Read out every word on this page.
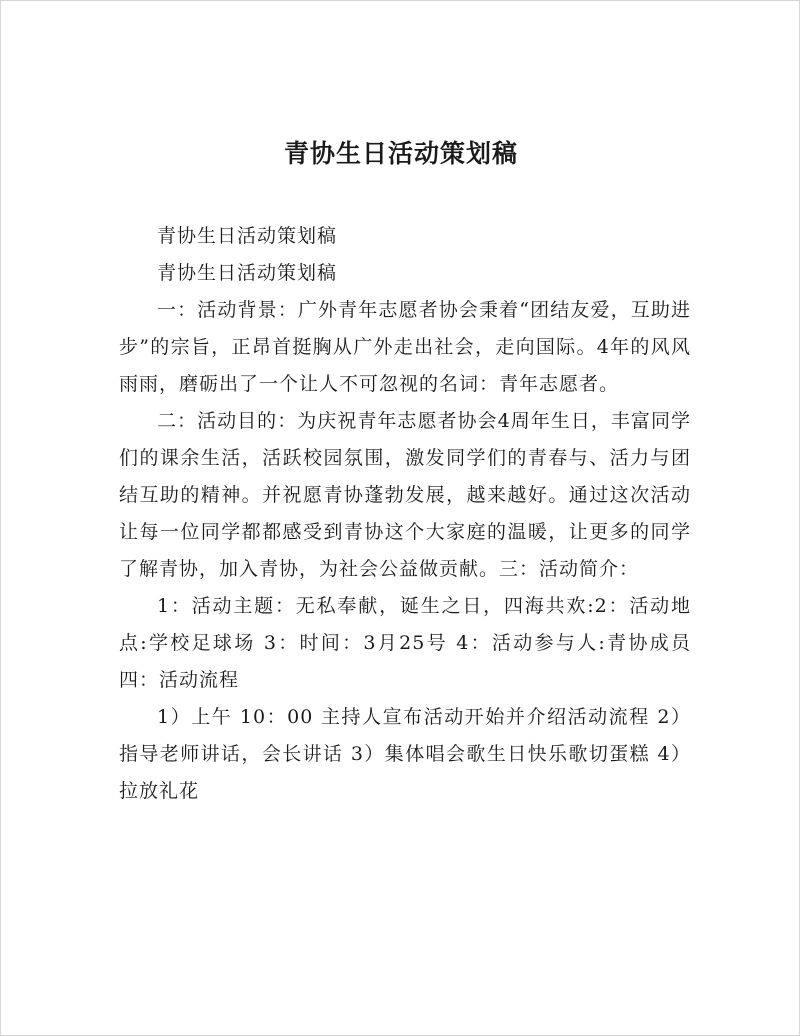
青协生日活动策划稿

青协生日活动策划稿

青协生日活动策划稿

一：活动背景：广外青年志愿者协会秉着“团结友爱，互助进步”的宗旨，正昂首挺胸从广外走出社会，走向国际。4年的风风雨雨，磨砺出了一个让人不可忽视的名词：青年志愿者。

二：活动目的：为庆祝青年志愿者协会4周年生日，丰富同学们的课余生活，活跃校园氛围，激发同学们的青春与、活力与团结互助的精神。并祝愿青协蓬勃发展，越来越好。通过这次活动让每一位同学都都感受到青协这个大家庭的温暖，让更多的同学了解青协，加入青协，为社会公益做贡献。三：活动简介：

1：活动主题：无私奉献，诞生之日，四海共欢:2：活动地点:学校足球场 3：时间：3月25号 4：活动参与人:青协成员四：活动流程

1）上午 10：00 主持人宣布活动开始并介绍活动流程 2）指导老师讲话，会长讲话 3）集体唱会歌生日快乐歌切蛋糕 4）拉放礼花
